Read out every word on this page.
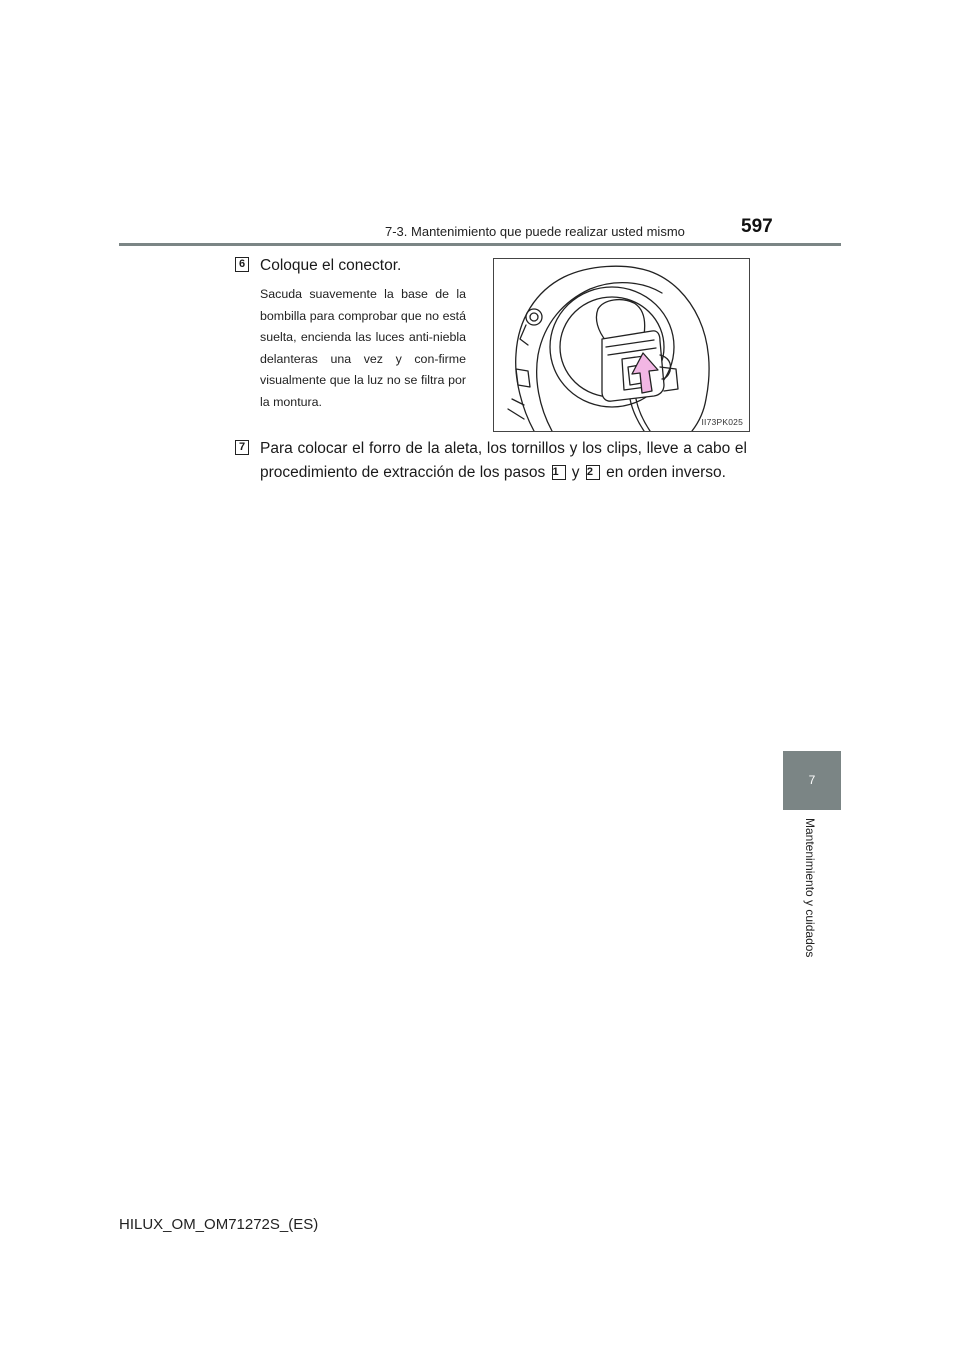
7-3. Mantenimiento que puede realizar usted mismo	597
6 Coloque el conector.
Sacuda suavemente la base de la bombilla para comprobar que no está suelta, encienda las luces anti-niebla delanteras una vez y con-firme visualmente que la luz no se filtra por la montura.
II73PK025
7 Para colocar el forro de la aleta, los tornillos y los clips, lleve a cabo el procedimiento de extracción de los pasos 1 y 2 en orden inverso.
7
Mantenimiento y cuidados
HILUX_OM_OM71272S_(ES)
